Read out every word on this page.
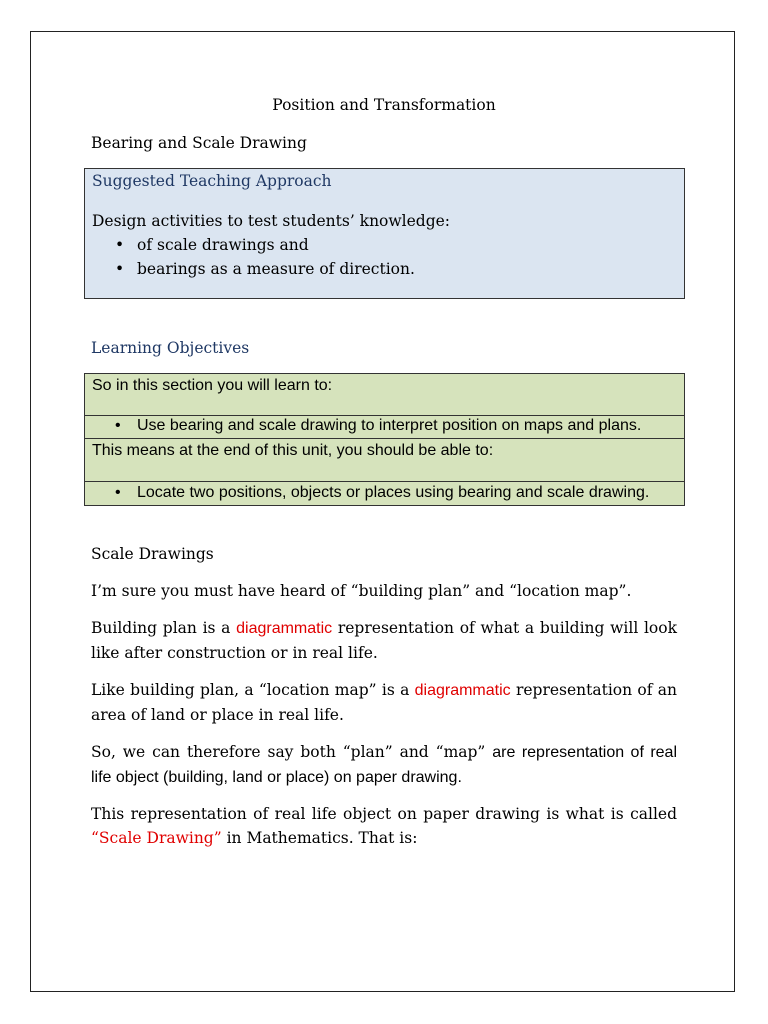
Position and Transformation
Bearing and Scale Drawing
Suggested Teaching Approach
Design activities to test students’ knowledge:
• of scale drawings and
• bearings as a measure of direction.
Learning Objectives
So in this section you will learn to:
• Use bearing and scale drawing to interpret position on maps and plans.
This means at the end of this unit, you should be able to:
• Locate two positions, objects or places using bearing and scale drawing.
Scale Drawings
I’m sure you must have heard of “building plan” and “location map”.
Building plan is a diagrammatic representation of what a building will look like after construction or in real life.
Like building plan, a “location map” is a diagrammatic representation of an area of land or place in real life.
So, we can therefore say both “plan” and “map” are representation of real life object (building, land or place) on paper drawing.
This representation of real life object on paper drawing is what is called “Scale Drawing” in Mathematics. That is:
